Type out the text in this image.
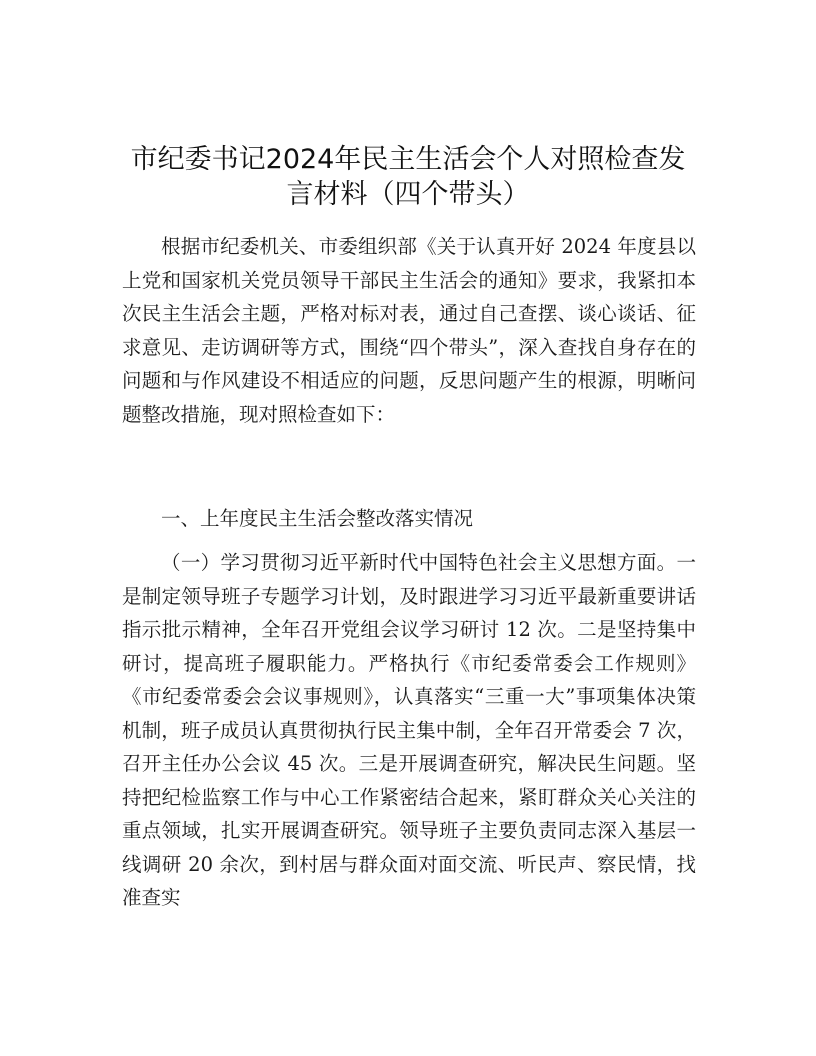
市纪委书记2024年民主生活会个人对照检查发
言材料（四个带头）

根据市纪委机关、市委组织部《关于认真开好 2024 年度县以上党和国家机关党员领导干部民主生活会的通知》要求，我紧扣本次民主生活会主题，严格对标对表，通过自己查摆、谈心谈话、征求意见、走访调研等方式，围绕“四个带头”，深入查找自身存在的问题和与作风建设不相适应的问题，反思问题产生的根源，明晰问题整改措施，现对照检查如下：

一、上年度民主生活会整改落实情况

（一）学习贯彻习近平新时代中国特色社会主义思想方面。一是制定领导班子专题学习计划，及时跟进学习习近平最新重要讲话指示批示精神，全年召开党组会议学习研讨 12 次。二是坚持集中研讨，提高班子履职能力。严格执行《市纪委常委会工作规则》《市纪委常委会会议事规则》，认真落实“三重一大”事项集体决策机制，班子成员认真贯彻执行民主集中制，全年召开常委会 7 次，召开主任办公会议 45 次。三是开展调查研究，解决民生问题。坚持把纪检监察工作与中心工作紧密结合起来，紧盯群众关心关注的重点领域，扎实开展调查研究。领导班子主要负责同志深入基层一线调研 20 余次，到村居与群众面对面交流、听民声、察民情，找准查实
